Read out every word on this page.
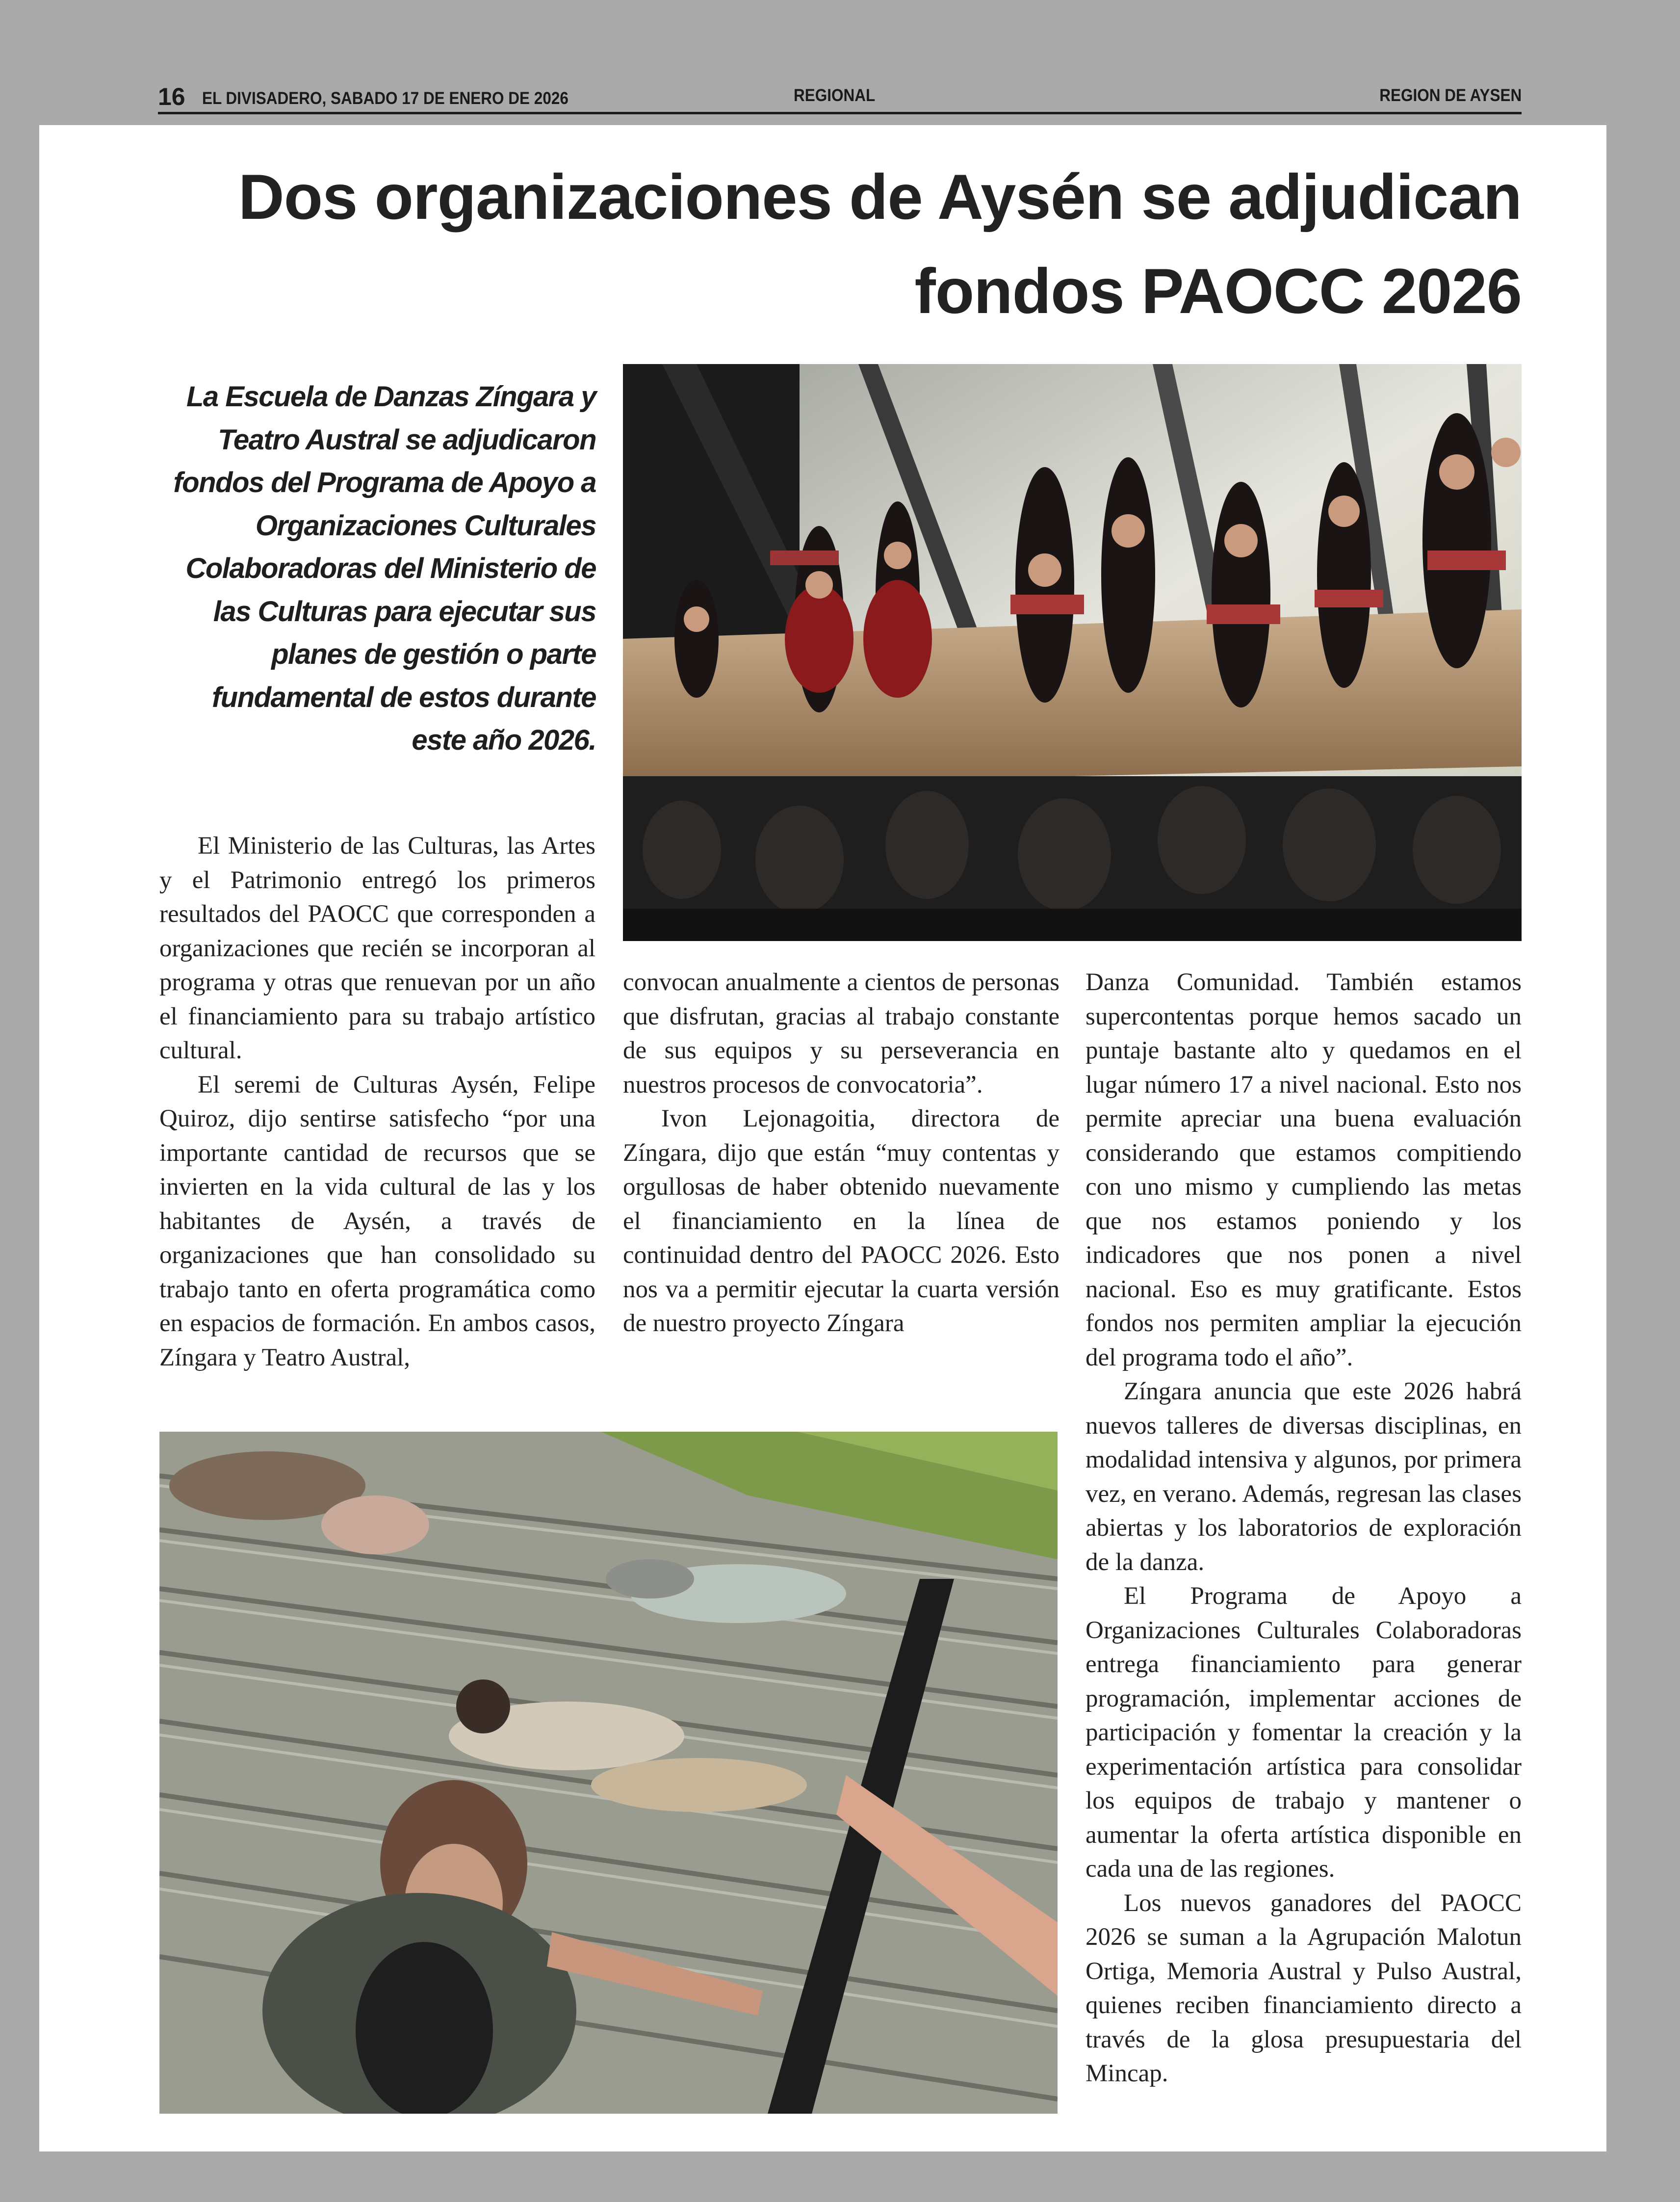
16 EL DIVISADERO, SABADO 17 DE ENERO DE 2026	REGIONAL	REGION DE AYSEN
Dos organizaciones de Aysén se adjudican
fondos PAOCC 2026
La Escuela de Danzas Zíngara y Teatro Austral se adjudicaron fondos del Programa de Apoyo a Organizaciones Culturales Colaboradoras del Ministerio de las Culturas para ejecutar sus planes de gestión o parte fundamental de estos durante este año 2026.

El Ministerio de las Culturas, las Artes y el Patrimonio entregó los primeros resultados del PAOCC que corresponden a organizaciones que recién se incorporan al programa y otras que renuevan por un año el financiamiento para su trabajo artístico cultural.

El seremi de Culturas Aysén, Felipe Quiroz, dijo sentirse satisfecho “por una importante cantidad de recursos que se invierten en la vida cultural de las y los habitantes de Aysén, a través de organizaciones que han consolidado su trabajo tanto en oferta programática como en espacios de formación. En ambos casos, Zíngara y Teatro Austral,

convocan anualmente a cientos de personas que disfrutan, gracias al trabajo constante de sus equipos y su perseverancia en nuestros procesos de convocatoria”.

Ivon Lejonagoitia, directora de Zíngara, dijo que están “muy contentas y orgullosas de haber obtenido nuevamente el financiamiento en la línea de continuidad dentro del PAOCC 2026. Esto nos va a permitir ejecutar la cuarta versión de nuestro proyecto Zíngara

Danza Comunidad. También estamos supercontentas porque hemos sacado un puntaje bastante alto y quedamos en el lugar número 17 a nivel nacional. Esto nos permite apreciar una buena evaluación considerando que estamos compitiendo con uno mismo y cumpliendo las metas que nos estamos poniendo y los indicadores que nos ponen a nivel nacional. Eso es muy gratificante. Estos fondos nos permiten ampliar la ejecución del programa todo el año”.

Zíngara anuncia que este 2026 habrá nuevos talleres de diversas disciplinas, en modalidad intensiva y algunos, por primera vez, en verano. Además, regresan las clases abiertas y los laboratorios de exploración de la danza.

El Programa de Apoyo a Organizaciones Culturales Colaboradoras entrega financiamiento para generar programación, implementar acciones de participación y fomentar la creación y la experimentación artística para consolidar los equipos de trabajo y mantener o aumentar la oferta artística disponible en cada una de las regiones.

Los nuevos ganadores del PAOCC 2026 se suman a la Agrupación Malotun Ortiga, Memoria Austral y Pulso Austral, quienes reciben financiamiento directo a través de la glosa presupuestaria del Mincap.
